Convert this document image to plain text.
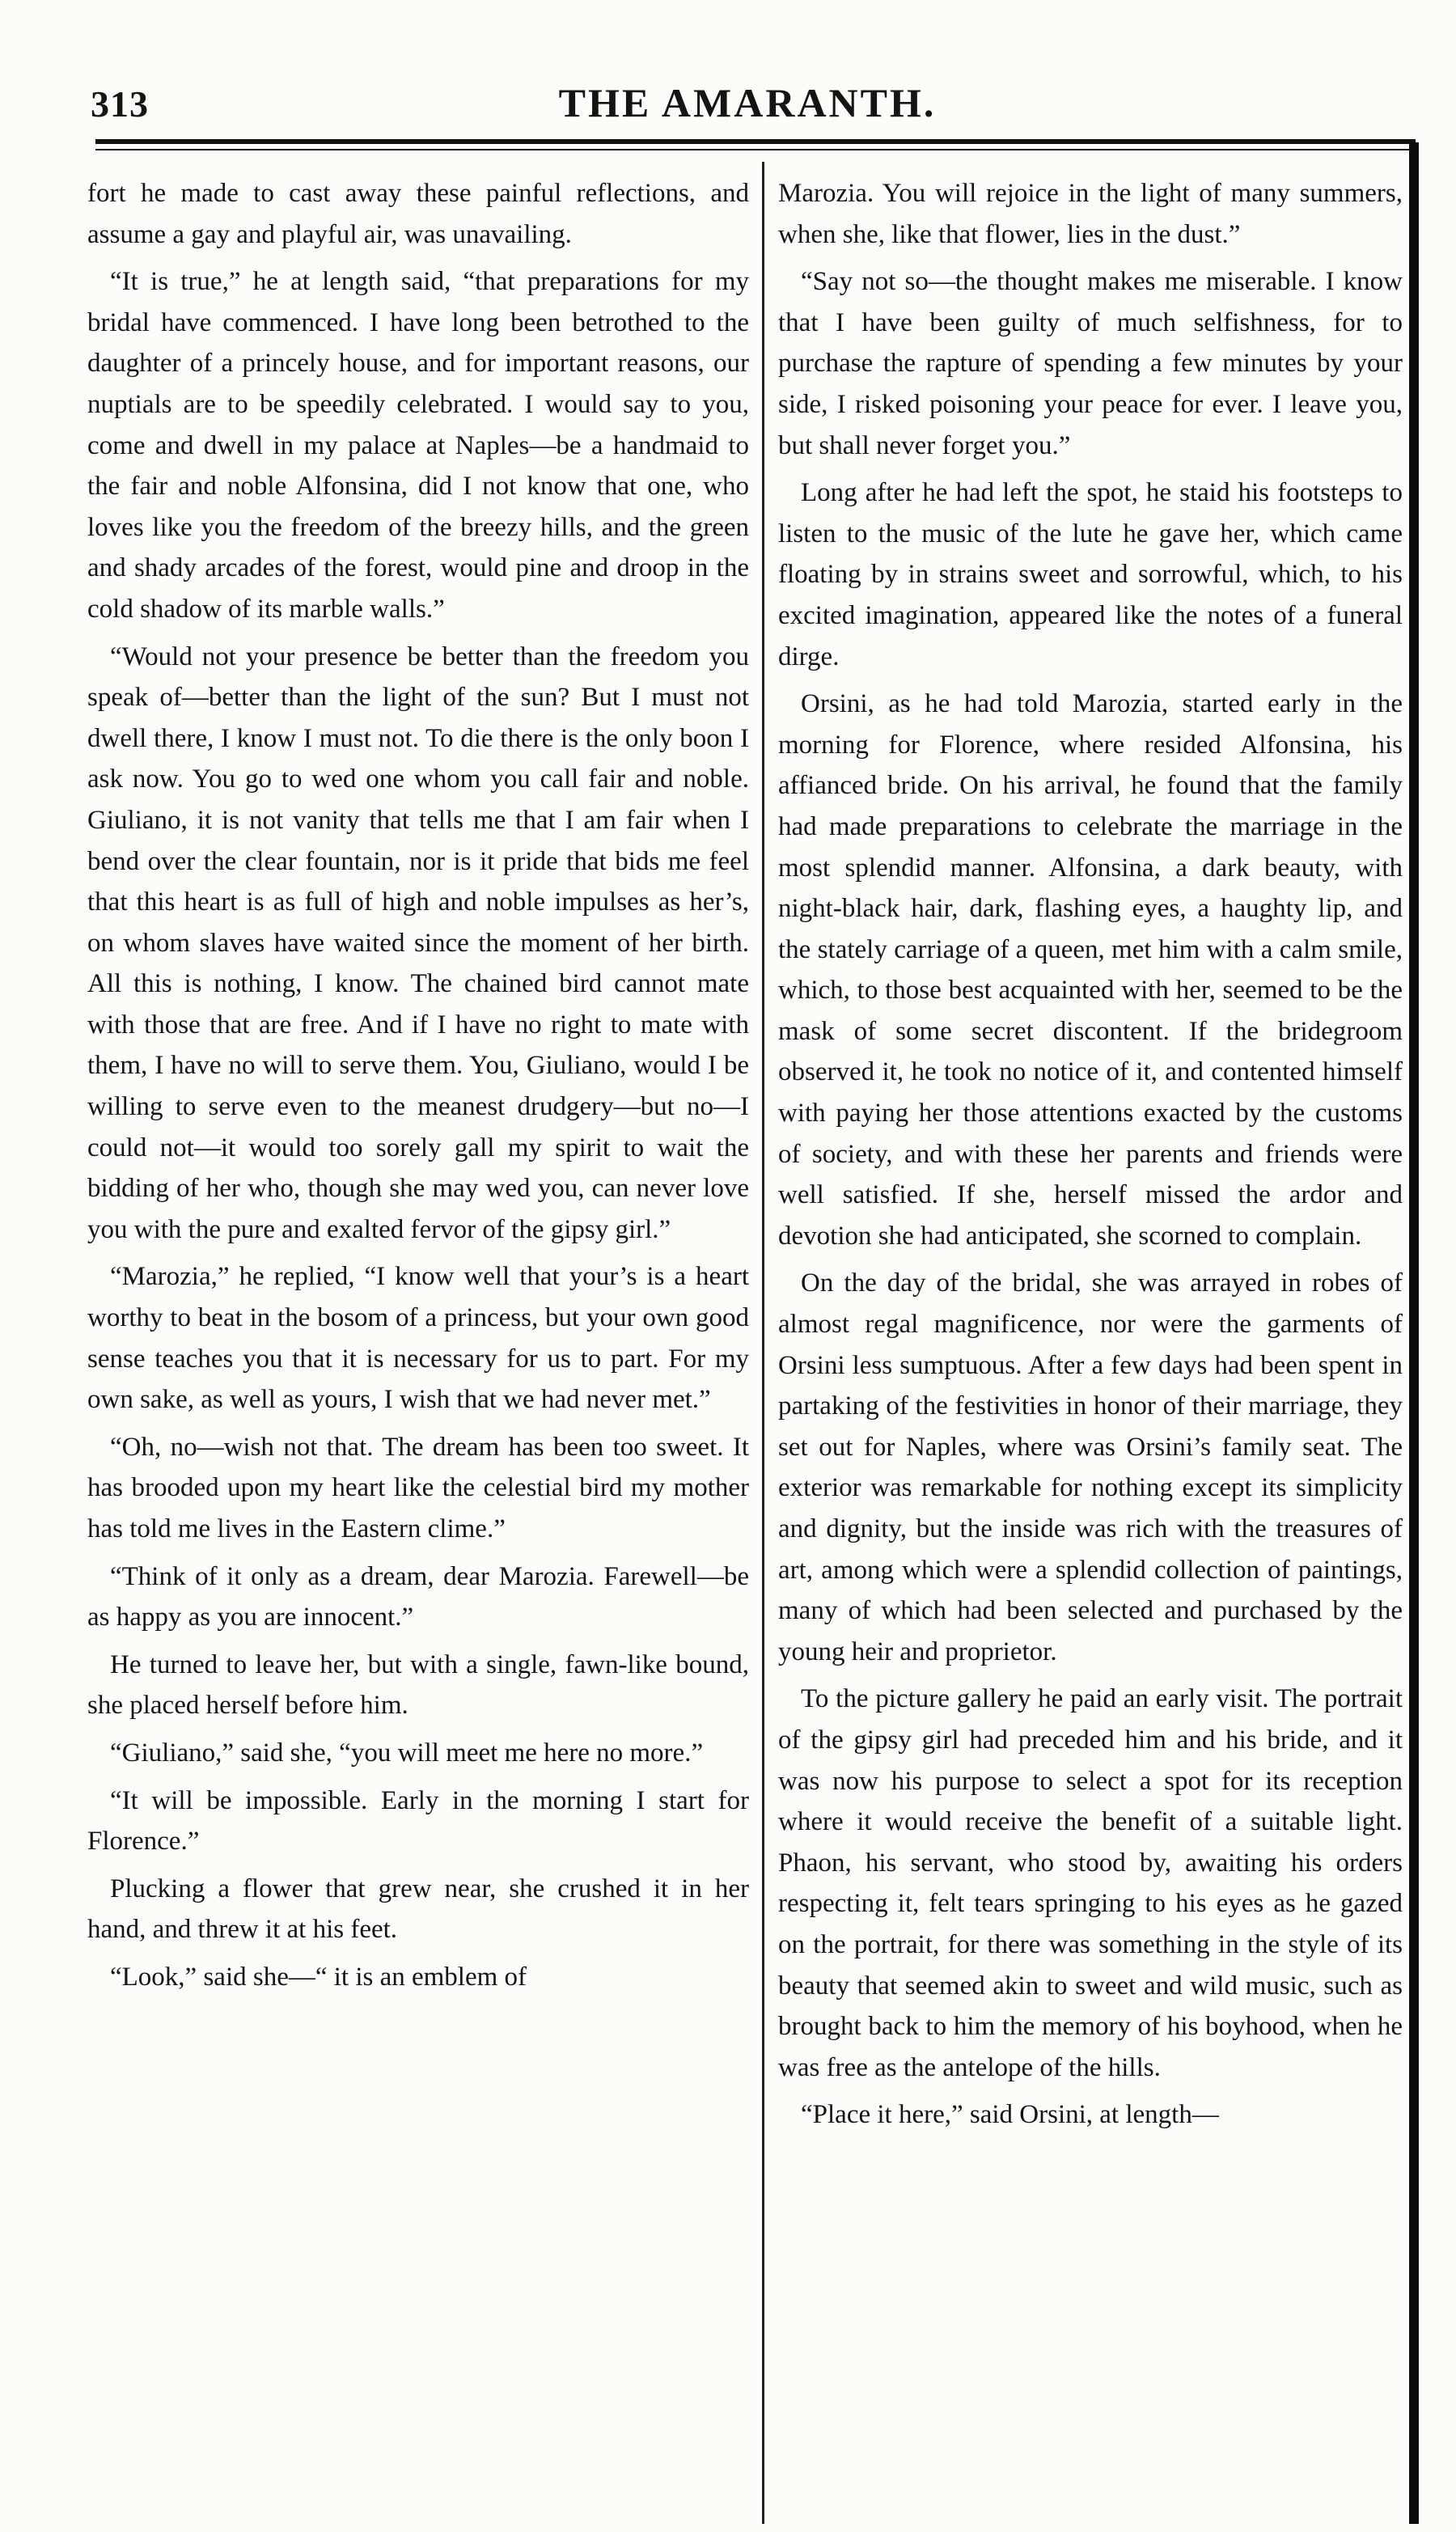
313	THE AMARANTH.

fort he made to cast away these painful reflections, and assume a gay and playful air, was unavailing.

“It is true,” he at length said, “that preparations for my bridal have commenced. I have long been betrothed to the daughter of a princely house, and for important reasons, our nuptials are to be speedily celebrated. I would say to you, come and dwell in my palace at Naples—be a handmaid to the fair and noble Alfonsina, did I not know that one, who loves like you the freedom of the breezy hills, and the green and shady arcades of the forest, would pine and droop in the cold shadow of its marble walls.”

“Would not your presence be better than the freedom you speak of—better than the light of the sun? But I must not dwell there, I know I must not. To die there is the only boon I ask now. You go to wed one whom you call fair and noble. Giuliano, it is not vanity that tells me that I am fair when I bend over the clear fountain, nor is it pride that bids me feel that this heart is as full of high and noble impulses as her’s, on whom slaves have waited since the moment of her birth. All this is nothing, I know. The chained bird cannot mate with those that are free. And if I have no right to mate with them, I have no will to serve them. You, Giuliano, would I be willing to serve even to the meanest drudgery—but no—I could not—it would too sorely gall my spirit to wait the bidding of her who, though she may wed you, can never love you with the pure and exalted fervor of the gipsy girl.”

“Marozia,” he replied, “I know well that your’s is a heart worthy to beat in the bosom of a princess, but your own good sense teaches you that it is necessary for us to part. For my own sake, as well as yours, I wish that we had never met.”

“Oh, no—wish not that. The dream has been too sweet. It has brooded upon my heart like the celestial bird my mother has told me lives in the Eastern clime.”

“Think of it only as a dream, dear Marozia. Farewell—be as happy as you are innocent.”

He turned to leave her, but with a single, fawn-like bound, she placed herself before him.

“Giuliano,” said she, “you will meet me here no more.”

“It will be impossible. Early in the morning I start for Florence.”

Plucking a flower that grew near, she crushed it in her hand, and threw it at his feet.

“Look,” said she—“ it is an emblem of

Marozia. You will rejoice in the light of many summers, when she, like that flower, lies in the dust.”

“Say not so—the thought makes me miserable. I know that I have been guilty of much selfishness, for to purchase the rapture of spending a few minutes by your side, I risked poisoning your peace for ever. I leave you, but shall never forget you.”

Long after he had left the spot, he staid his footsteps to listen to the music of the lute he gave her, which came floating by in strains sweet and sorrowful, which, to his excited imagination, appeared like the notes of a funeral dirge.

Orsini, as he had told Marozia, started early in the morning for Florence, where resided Alfonsina, his affianced bride. On his arrival, he found that the family had made preparations to celebrate the marriage in the most splendid manner. Alfonsina, a dark beauty, with night-black hair, dark, flashing eyes, a haughty lip, and the stately carriage of a queen, met him with a calm smile, which, to those best acquainted with her, seemed to be the mask of some secret discontent. If the bridegroom observed it, he took no notice of it, and contented himself with paying her those attentions exacted by the customs of society, and with these her parents and friends were well satisfied. If she, herself missed the ardor and devotion she had anticipated, she scorned to complain.

On the day of the bridal, she was arrayed in robes of almost regal magnificence, nor were the garments of Orsini less sumptuous. After a few days had been spent in partaking of the festivities in honor of their marriage, they set out for Naples, where was Orsini’s family seat. The exterior was remarkable for nothing except its simplicity and dignity, but the inside was rich with the treasures of art, among which were a splendid collection of paintings, many of which had been selected and purchased by the young heir and proprietor.

To the picture gallery he paid an early visit. The portrait of the gipsy girl had preceded him and his bride, and it was now his purpose to select a spot for its reception where it would receive the benefit of a suitable light. Phaon, his servant, who stood by, awaiting his orders respecting it, felt tears springing to his eyes as he gazed on the portrait, for there was something in the style of its beauty that seemed akin to sweet and wild music, such as brought back to him the memory of his boyhood, when he was free as the antelope of the hills.

“Place it here,” said Orsini, at length—
